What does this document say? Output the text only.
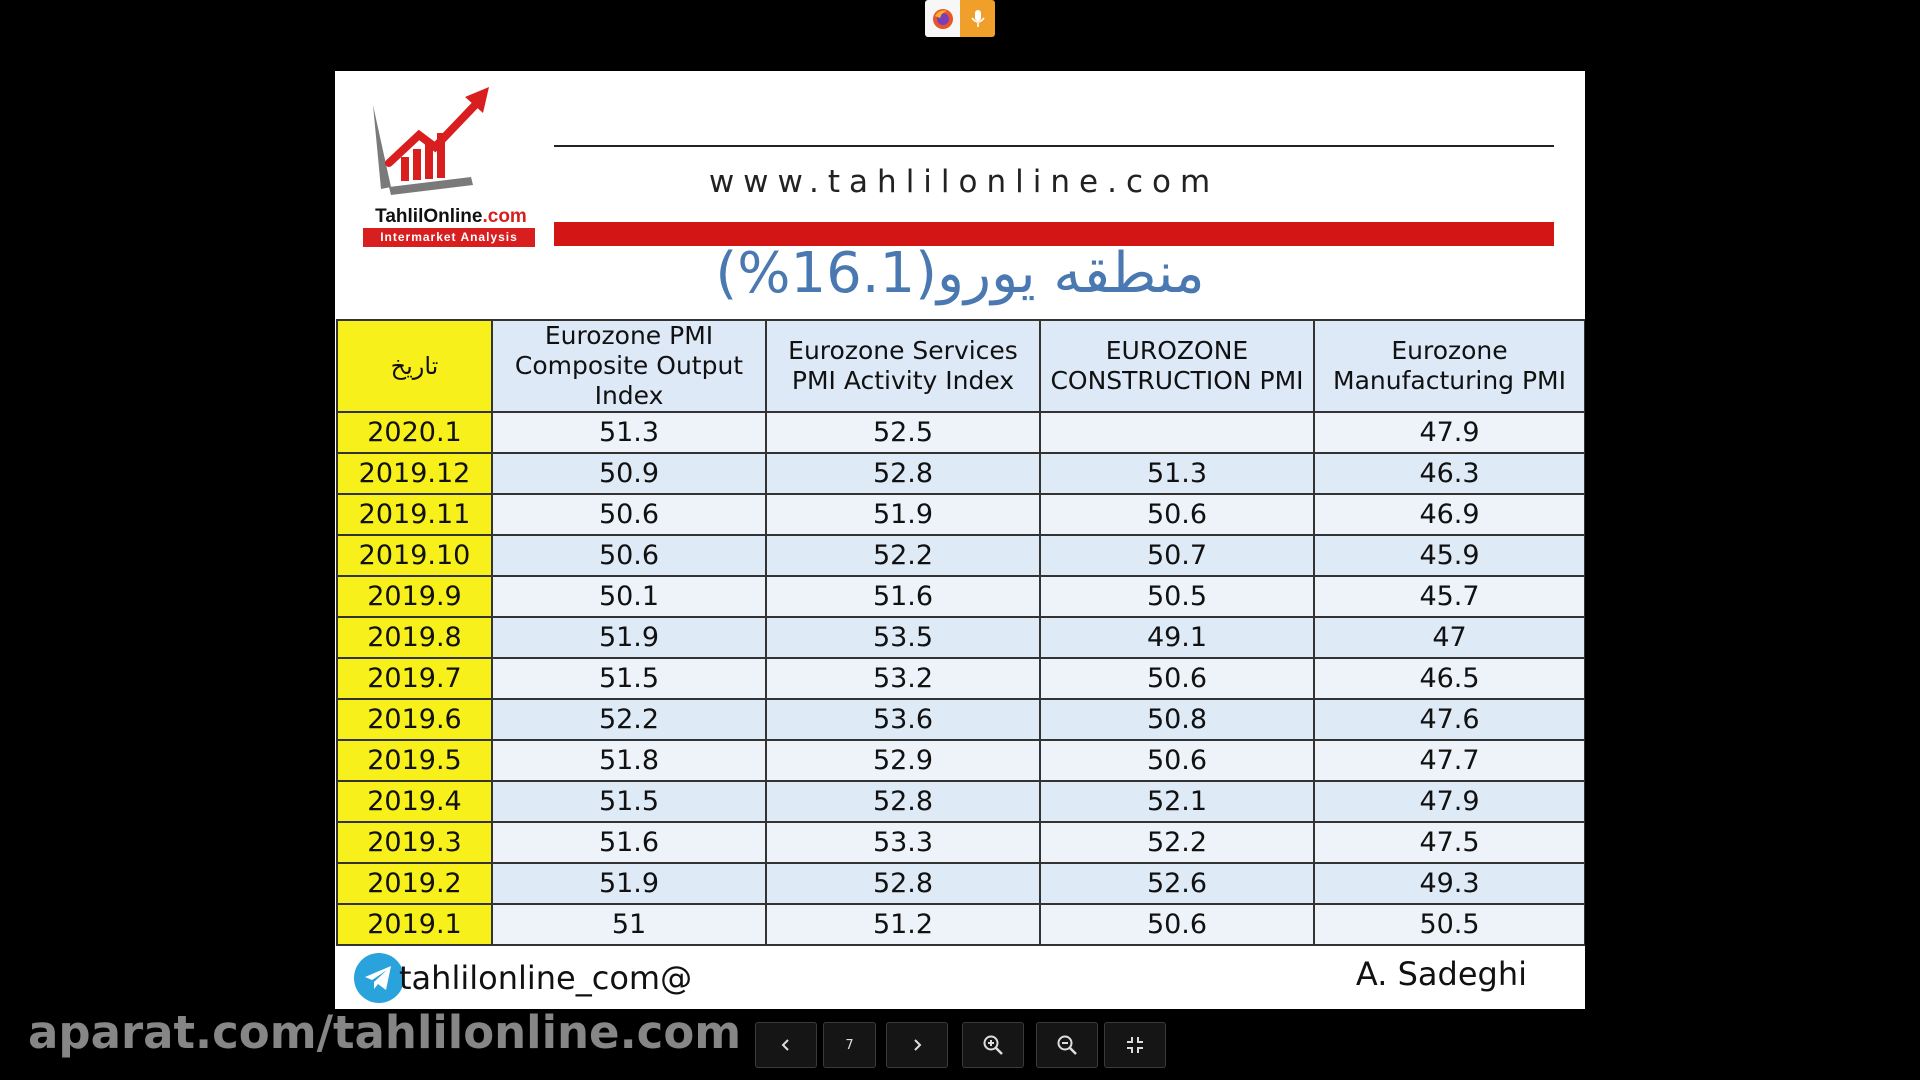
TahlilOnline.com
Intermarket Analysis
www.tahlilonline.com
منطقه یورو(16.1%)
تاریخ	Eurozone PMI Composite Output Index	Eurozone Services PMI Activity Index	EUROZONE CONSTRUCTION PMI	Eurozone Manufacturing PMI
2020.1	51.3	52.5		47.9
2019.12	50.9	52.8	51.3	46.3
2019.11	50.6	51.9	50.6	46.9
2019.10	50.6	52.2	50.7	45.9
2019.9	50.1	51.6	50.5	45.7
2019.8	51.9	53.5	49.1	47
2019.7	51.5	53.2	50.6	46.5
2019.6	52.2	53.6	50.8	47.6
2019.5	51.8	52.9	50.6	47.7
2019.4	51.5	52.8	52.1	47.9
2019.3	51.6	53.3	52.2	47.5
2019.2	51.9	52.8	52.6	49.3
2019.1	51	51.2	50.6	50.5
tahlilonline_com@	A. Sadeghi
aparat.com/tahlilonline.com	7
